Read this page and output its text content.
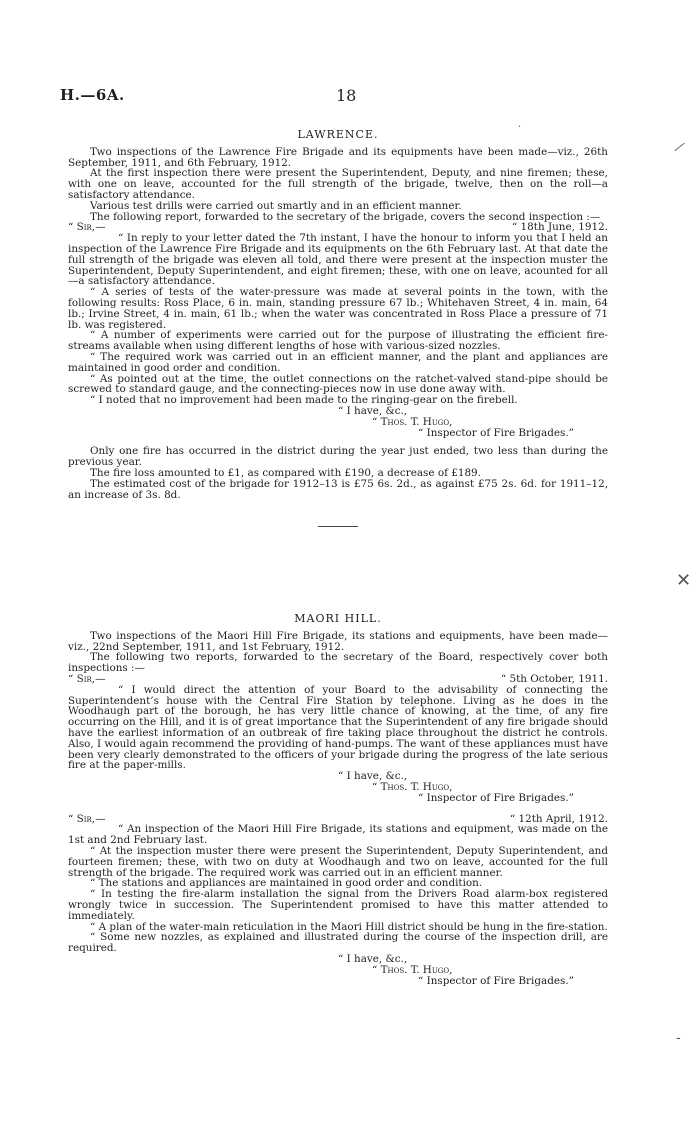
H.—6A.	18
LAWRENCE.

Two inspections of the Lawrence Fire Brigade and its equipments have been made—viz., 26th September, 1911, and 6th February, 1912.

At the first inspection there were present the Superintendent, Deputy, and nine firemen; these, with one on leave, accounted for the full strength of the brigade, twelve, then on the roll—a satisfactory attendance.

Various test drills were carried out smartly and in an efficient manner.

The following report, forwarded to the secretary of the brigade, covers the second inspection :—

“ Sir,—	“ 18th June, 1912.

“ In reply to your letter dated the 7th instant, I have the honour to inform you that I held an inspection of the Lawrence Fire Brigade and its equipments on the 6th February last. At that date the full strength of the brigade was eleven all told, and there were present at the inspection muster the Superintendent, Deputy Superintendent, and eight firemen; these, with one on leave, acounted for all—a satisfactory attendance.

“ A series of tests of the water-pressure was made at several points in the town, with the following results: Ross Place, 6 in. main, standing pressure 67 lb.; Whitehaven Street, 4 in. main, 64 lb.; Irvine Street, 4 in. main, 61 lb.; when the water was concentrated in Ross Place a pressure of 71 lb. was registered.

“ A number of experiments were carried out for the purpose of illustrating the efficient fire-streams available when using different lengths of hose with various-sized nozzles.

“ The required work was carried out in an efficient manner, and the plant and appliances are maintained in good order and condition.

“ As pointed out at the time, the outlet connections on the ratchet-valved stand-pipe should be screwed to standard gauge, and the connecting-pieces now in use done away with.

“ I noted that no improvement had been made to the ringing-gear on the firebell.

“ I have, &c.,

“ Thos. T. Hugo,

“ Inspector of Fire Brigades.”

Only one fire has occurred in the district during the year just ended, two less than during the previous year.

The fire loss amounted to £1, as compared with £190, a decrease of £189.

The estimated cost of the brigade for 1912–13 is £75 6s. 2d., as against £75 2s. 6d. for 1911–12, an increase of 3s. 8d.

MAORI HILL.

Two inspections of the Maori Hill Fire Brigade, its stations and equipments, have been made—viz., 22nd September, 1911, and 1st February, 1912.

The following two reports, forwarded to the secretary of the Board, respectively cover both inspections :—

“ Sir,—	“ 5th October, 1911.

“ I would direct the attention of your Board to the advisability of connecting the Superintendent’s house with the Central Fire Station by telephone. Living as he does in the Woodhaugh part of the borough, he has very little chance of knowing, at the time, of any fire occurring on the Hill, and it is of great importance that the Superintendent of any fire brigade should have the earliest information of an outbreak of fire taking place throughout the district he controls. Also, I would again recommend the providing of hand-pumps. The want of these appliances must have been very clearly demonstrated to the officers of your brigade during the progress of the late serious fire at the paper-mills.

“ I have, &c.,

“ Thos. T. Hugo,

“ Inspector of Fire Brigades.”

“ Sir,—	“ 12th April, 1912.

“ An inspection of the Maori Hill Fire Brigade, its stations and equipment, was made on the 1st and 2nd February last.

“ At the inspection muster there were present the Superintendent, Deputy Superintendent, and fourteen firemen; these, with two on duty at Woodhaugh and two on leave, accounted for the full strength of the brigade. The required work was carried out in an efficient manner.

“ The stations and appliances are maintained in good order and condition.

“ In testing the fire-alarm installation the signal from the Drivers Road alarm-box registered wrongly twice in succession. The Superintendent promised to have this matter attended to immediately.

“ A plan of the water-main reticulation in the Maori Hill district should be hung in the fire-station.

“ Some new nozzles, as explained and illustrated during the course of the inspection drill, are required.

“ I have, &c.,

“ Thos. T. Hugo,

“ Inspector of Fire Brigades.”

⁄
✕
‑
·
